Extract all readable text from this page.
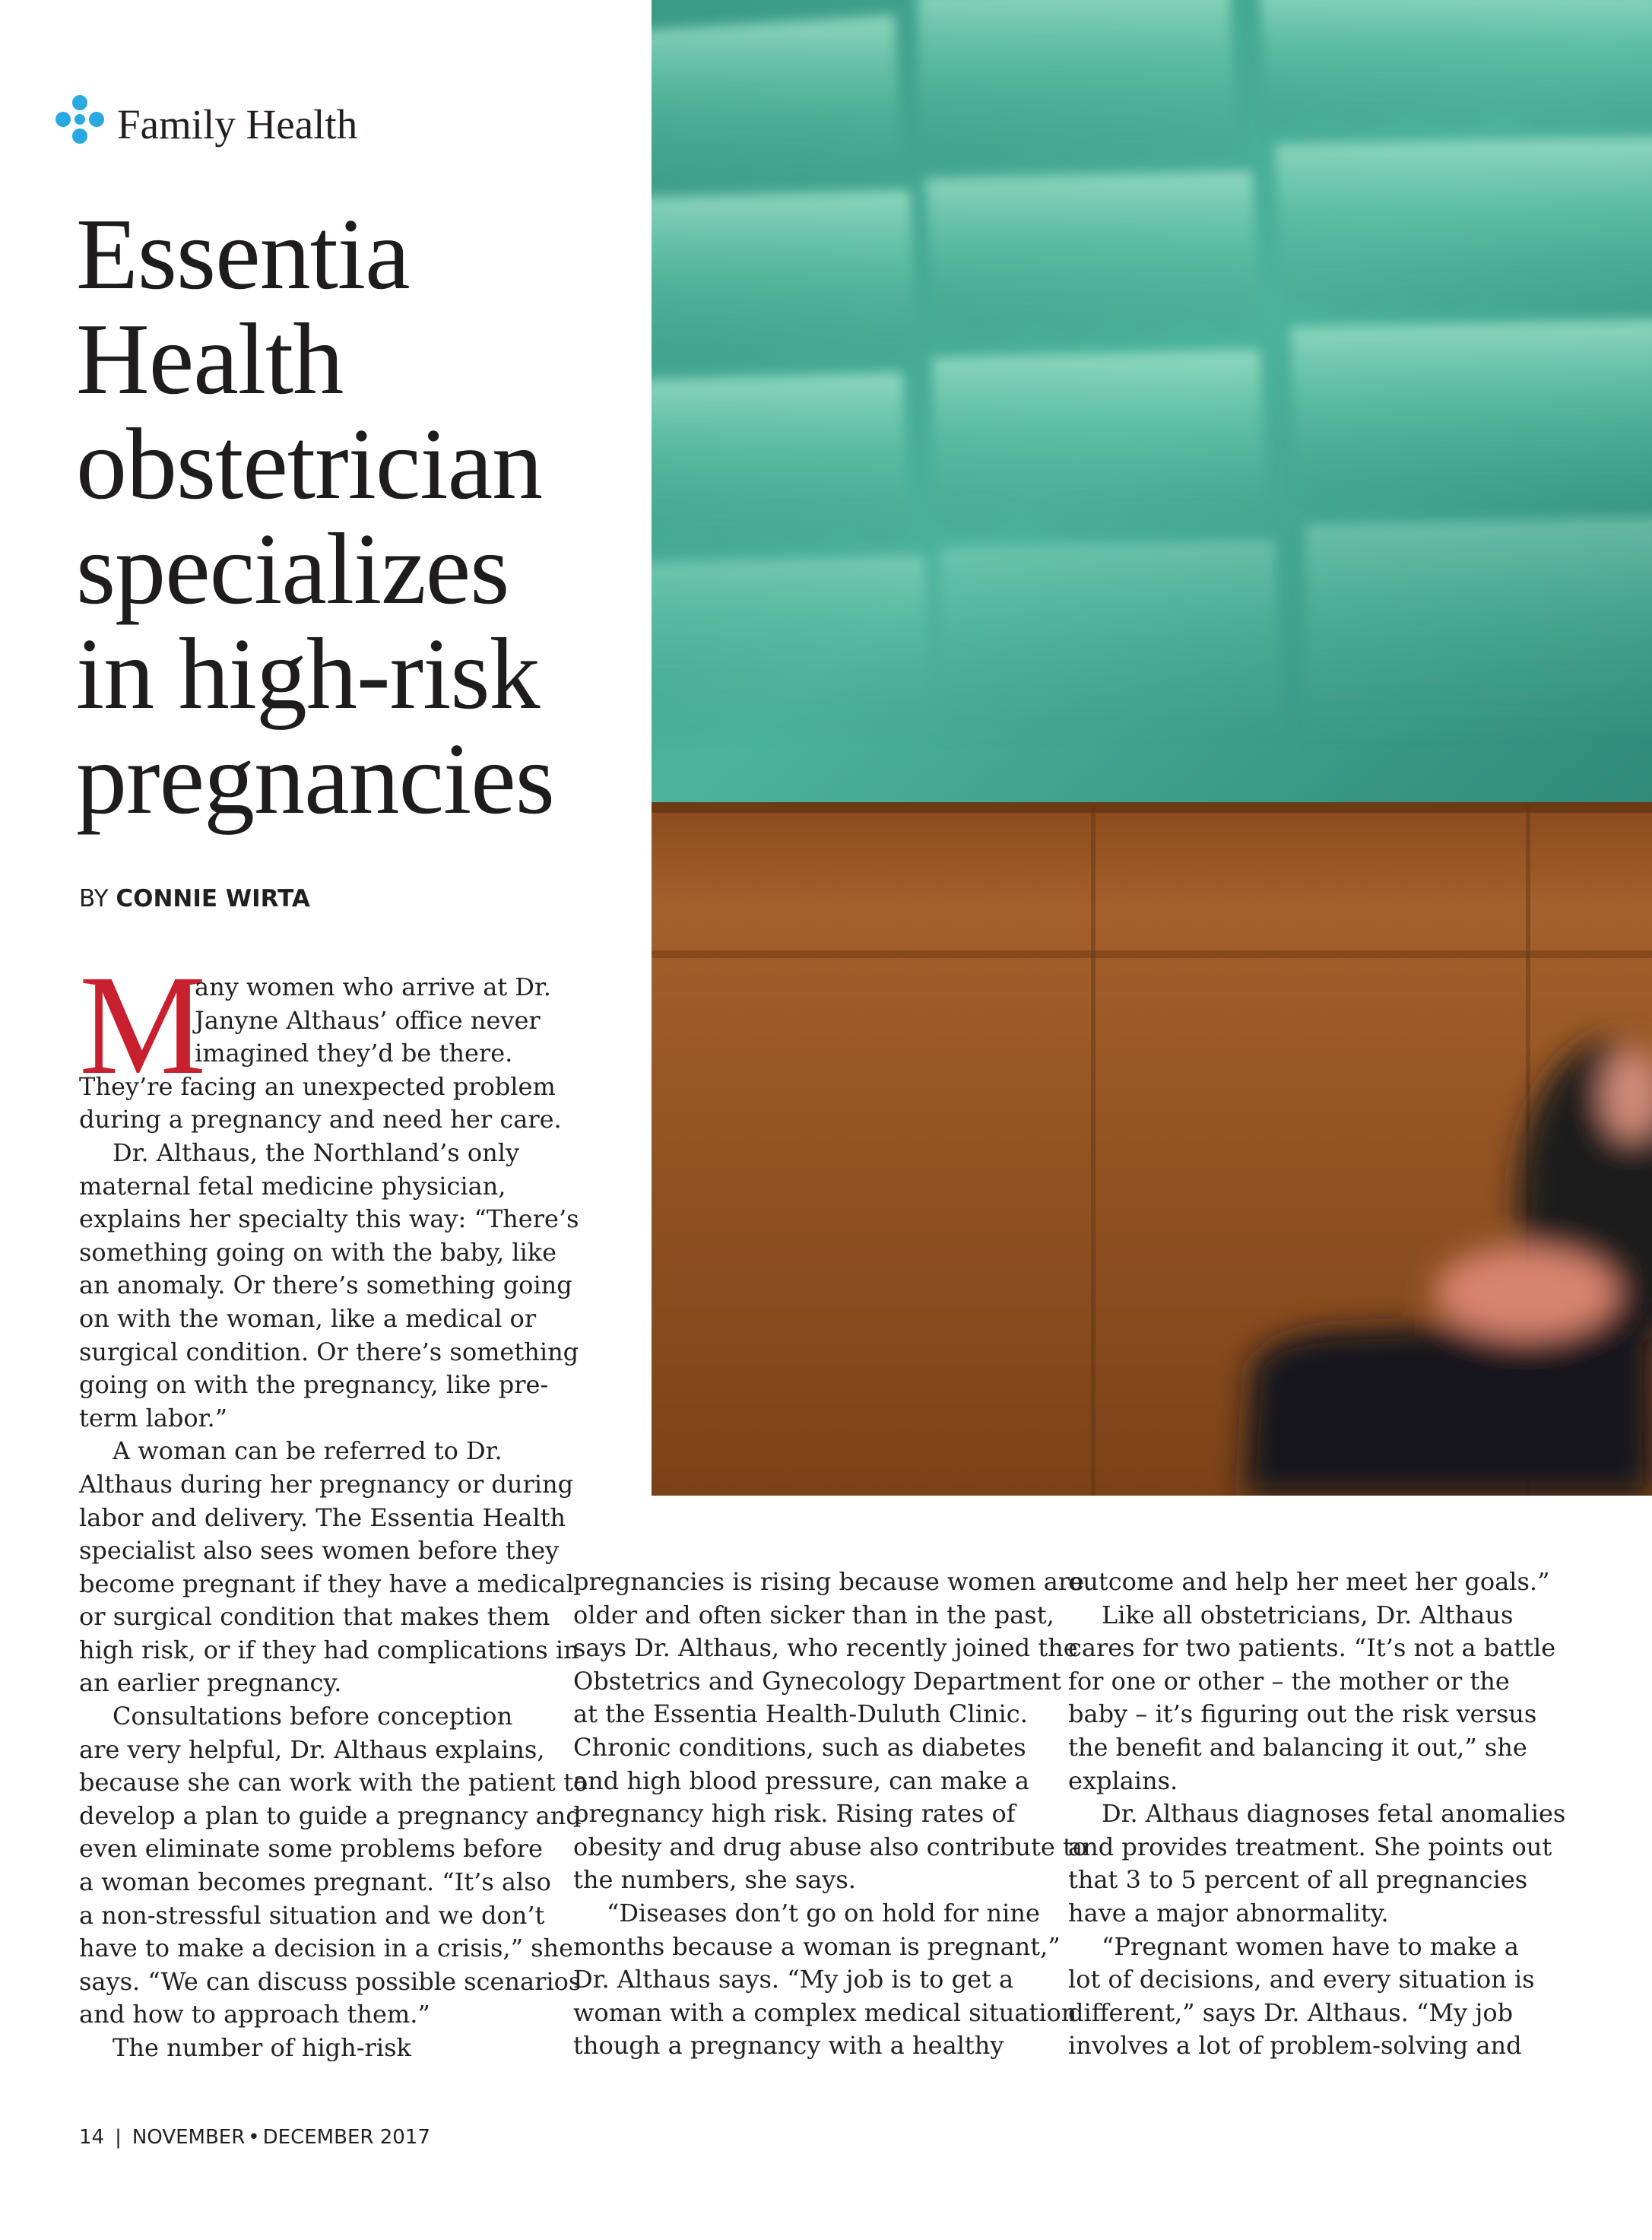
Family Health
Essentia
Health
obstetrician
specializes
in high-risk
pregnancies
BY CONNIE WIRTA
M
any women who arrive at Dr.
Janyne Althaus’ office never
imagined they’d be there.
They’re facing an unexpected problem
during a pregnancy and need her care.
Dr. Althaus, the Northland’s only
maternal fetal medicine physician,
explains her specialty this way: “There’s
something going on with the baby, like
an anomaly. Or there’s something going
on with the woman, like a medical or
surgical condition. Or there’s something
going on with the pregnancy, like pre-
term labor.”
A woman can be referred to Dr.
Althaus during her pregnancy or during
labor and delivery. The Essentia Health
specialist also sees women before they
become pregnant if they have a medical
or surgical condition that makes them
high risk, or if they had complications in
an earlier pregnancy.
Consultations before conception
are very helpful, Dr. Althaus explains,
because she can work with the patient to
develop a plan to guide a pregnancy and
even eliminate some problems before
a woman becomes pregnant. “It’s also
a non-stressful situation and we don’t
have to make a decision in a crisis,” she
says. “We can discuss possible scenarios
and how to approach them.”
The number of high-risk
pregnancies is rising because women are
older and often sicker than in the past,
says Dr. Althaus, who recently joined the
Obstetrics and Gynecology Department
at the Essentia Health-Duluth Clinic.
Chronic conditions, such as diabetes
and high blood pressure, can make a
pregnancy high risk. Rising rates of
obesity and drug abuse also contribute to
the numbers, she says.
“Diseases don’t go on hold for nine
months because a woman is pregnant,”
Dr. Althaus says. “My job is to get a
woman with a complex medical situation
though a pregnancy with a healthy
outcome and help her meet her goals.”
Like all obstetricians, Dr. Althaus
cares for two patients. “It’s not a battle
for one or other – the mother or the
baby – it’s figuring out the risk versus
the benefit and balancing it out,” she
explains.
Dr. Althaus diagnoses fetal anomalies
and provides treatment. She points out
that 3 to 5 percent of all pregnancies
have a major abnormality.
“Pregnant women have to make a
lot of decisions, and every situation is
different,” says Dr. Althaus. “My job
involves a lot of problem-solving and
14 | NOVEMBER • DECEMBER 2017
